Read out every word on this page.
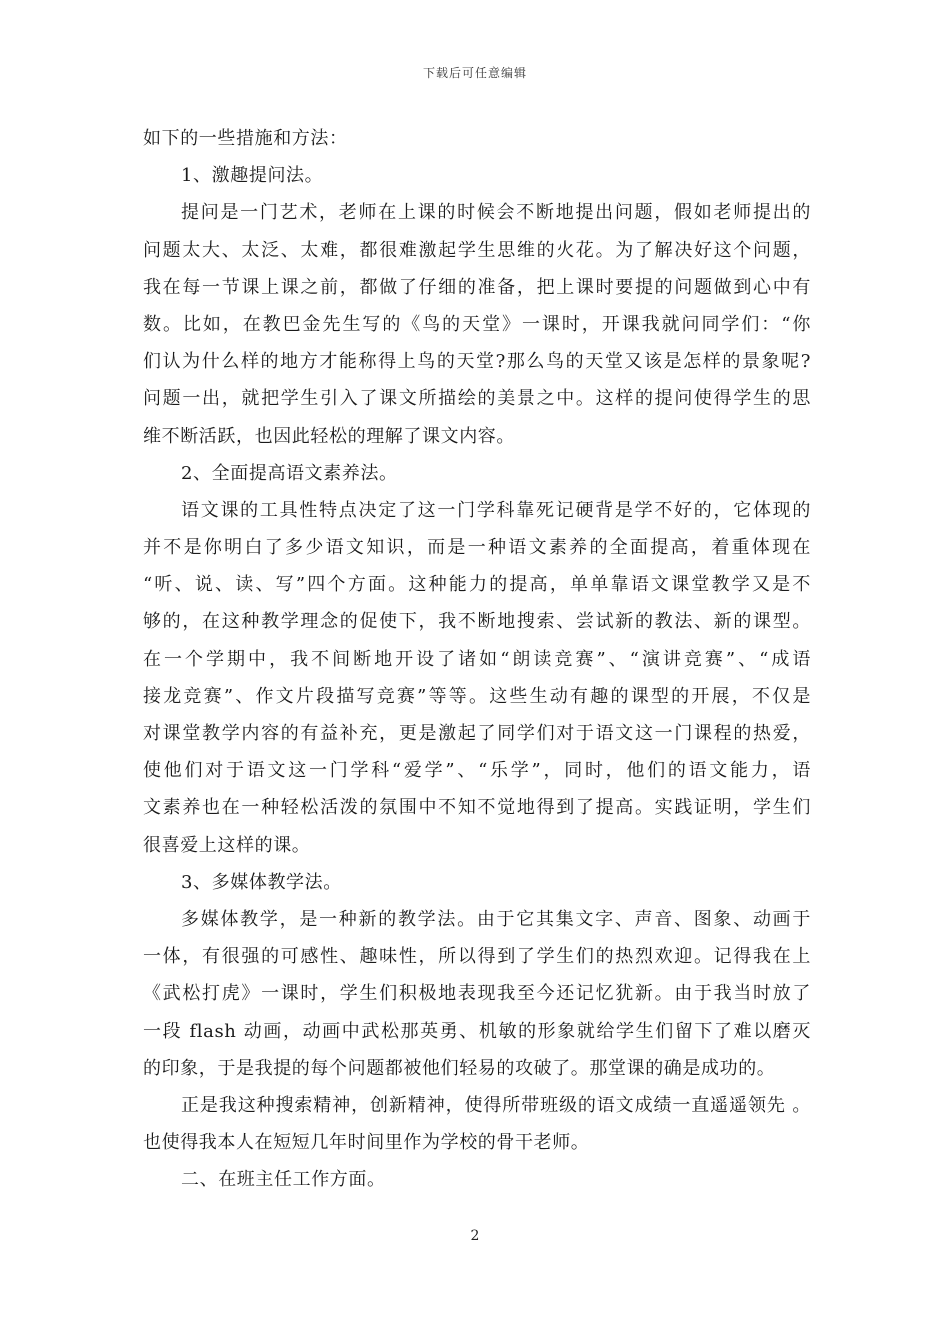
下载后可任意编辑
如下的一些措施和方法：
1、激趣提问法。
提问是一门艺术，老师在上课的时候会不断地提出问题，假如老师提出的
问题太大、太泛、太难，都很难激起学生思维的火花。为了解决好这个问题，
我在每一节课上课之前，都做了仔细的准备，把上课时要提的问题做到心中有
数。比如，在教巴金先生写的《鸟的天堂》一课时，开课我就问同学们：“你
们认为什么样的地方才能称得上鸟的天堂?那么鸟的天堂又该是怎样的景象呢?
问题一出，就把学生引入了课文所描绘的美景之中。这样的提问使得学生的思
维不断活跃，也因此轻松的理解了课文内容。
2、全面提高语文素养法。
语文课的工具性特点决定了这一门学科靠死记硬背是学不好的，它体现的
并不是你明白了多少语文知识，而是一种语文素养的全面提高，着重体现在
“听、说、读、写”四个方面。这种能力的提高，单单靠语文课堂教学又是不
够的，在这种教学理念的促使下，我不断地搜索、尝试新的教法、新的课型。
在一个学期中，我不间断地开设了诸如“朗读竞赛”、“演讲竞赛”、“成语
接龙竞赛”、作文片段描写竞赛”等等。这些生动有趣的课型的开展，不仅是
对课堂教学内容的有益补充，更是激起了同学们对于语文这一门课程的热爱，
使他们对于语文这一门学科“爱学”、“乐学”，同时，他们的语文能力，语
文素养也在一种轻松活泼的氛围中不知不觉地得到了提高。实践证明，学生们
很喜爱上这样的课。
3、多媒体教学法。
多媒体教学，是一种新的教学法。由于它其集文字、声音、图象、动画于
一体，有很强的可感性、趣味性，所以得到了学生们的热烈欢迎。记得我在上
《武松打虎》一课时，学生们积极地表现我至今还记忆犹新。由于我当时放了
一段 flash 动画，动画中武松那英勇、机敏的形象就给学生们留下了难以磨灭
的印象，于是我提的每个问题都被他们轻易的攻破了。那堂课的确是成功的。
正是我这种搜索精神，创新精神，使得所带班级的语文成绩一直遥遥领先 。
也使得我本人在短短几年时间里作为学校的骨干老师。
二、在班主任工作方面。
2
